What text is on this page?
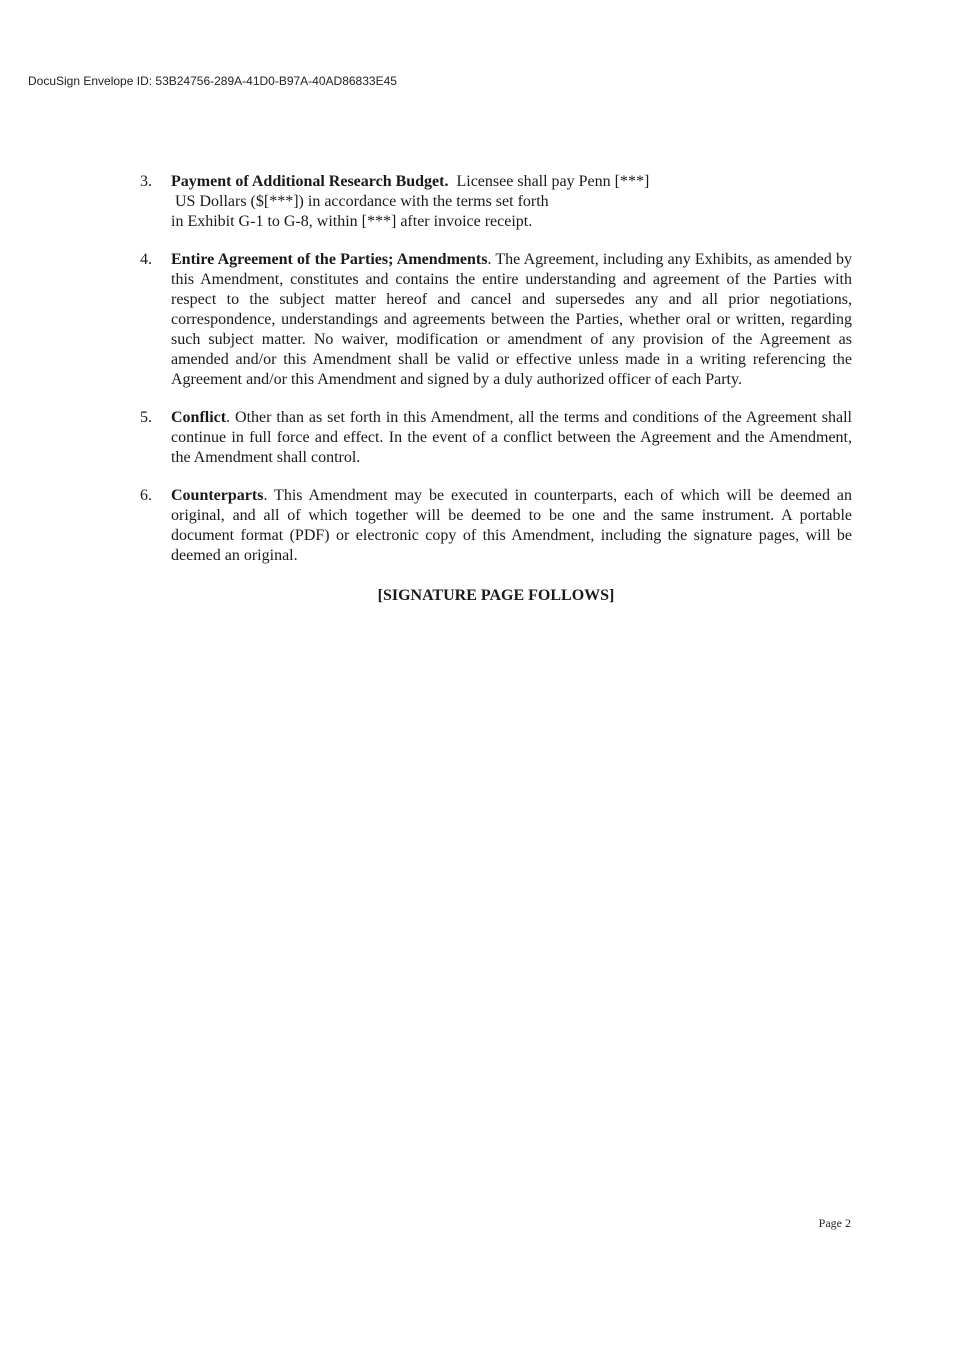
DocuSign Envelope ID: 53B24756-289A-41D0-B97A-40AD86833E45
3.	Payment of Additional Research Budget. Licensee shall pay Penn [***]
US Dollars ($[***]) in accordance with the terms set forth
in Exhibit G-1 to G-8, within [***] after invoice receipt.
4.	Entire Agreement of the Parties; Amendments. The Agreement, including any Exhibits, as amended by this Amendment, constitutes and contains the entire understanding and agreement of the Parties with respect to the subject matter hereof and cancel and supersedes any and all prior negotiations, correspondence, understandings and agreements between the Parties, whether oral or written, regarding such subject matter. No waiver, modification or amendment of any provision of the Agreement as amended and/or this Amendment shall be valid or effective unless made in a writing referencing the Agreement and/or this Amendment and signed by a duly authorized officer of each Party.
5.	Conflict. Other than as set forth in this Amendment, all the terms and conditions of the Agreement shall continue in full force and effect. In the event of a conflict between the Agreement and the Amendment, the Amendment shall control.
6.	Counterparts. This Amendment may be executed in counterparts, each of which will be deemed an original, and all of which together will be deemed to be one and the same instrument. A portable document format (PDF) or electronic copy of this Amendment, including the signature pages, will be deemed an original.
[SIGNATURE PAGE FOLLOWS]
Page 2
